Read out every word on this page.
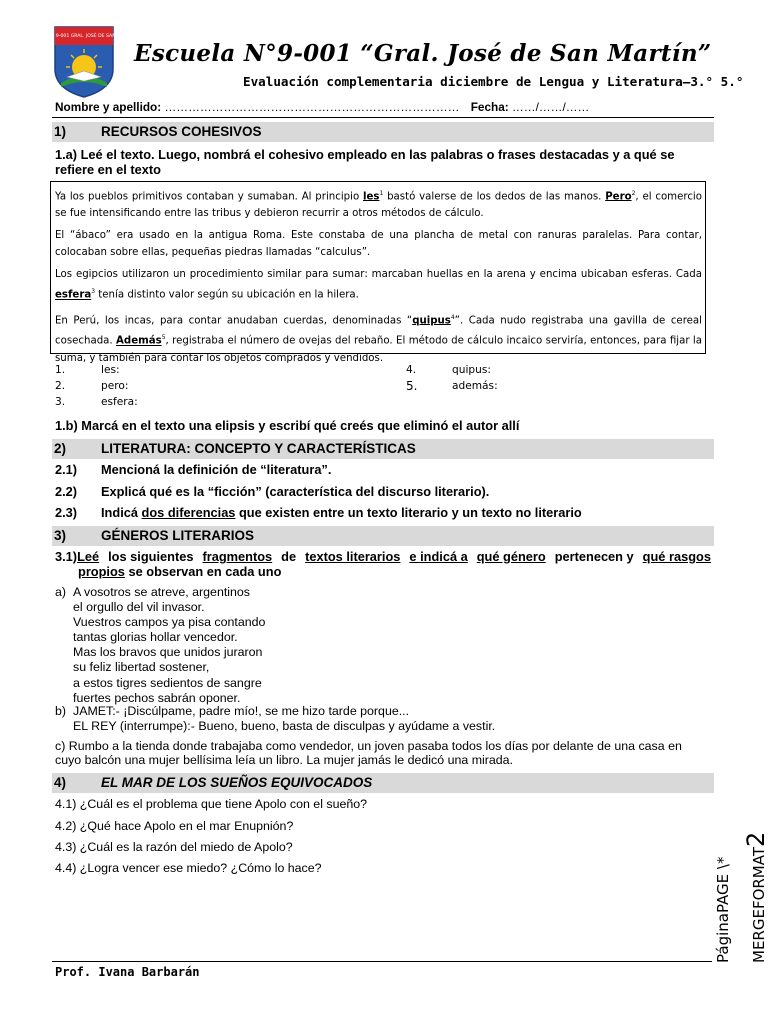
ESCUELA 9-001 GRAL. JOSÉ DE SAN MARTÍN
Escuela N°9-001 “Gral. José de San Martín”
Evaluación complementaria diciembre de Lengua y Literatura–3.° 5.°
Nombre y apellido: ………………………………………………………………… Fecha: ……/……/……
1)	RECURSOS COHESIVOS
1.a) Leé el texto. Luego, nombrá el cohesivo empleado en las palabras o frases destacadas y a qué se
refiere en el texto

Ya los pueblos primitivos contaban y sumaban. Al principio les$^1$ bastó valerse de los dedos de las manos. Pero$^2$, el comercio se fue intensificando entre las tribus y debieron recurrir a otros métodos de cálculo.

El “ábaco” era usado en la antigua Roma. Este constaba de una plancha de metal con ranuras paralelas. Para contar, colocaban sobre ellas, pequeñas piedras llamadas “calculus”.

Los egipcios utilizaron un procedimiento similar para sumar: marcaban huellas en la arena y encima ubicaban esferas. Cada esfera$^3$ tenía distinto valor según su ubicación en la hilera.

En Perú, los incas, para contar anudaban cuerdas, denominadas “quipus$^4$”. Cada nudo registraba una gavilla de cereal cosechada. Además$^5$, registraba el número de ovejas del rebaño. El método de cálculo incaico serviría, entonces, para fijar la suma, y también para contar los objetos comprados y vendidos.

1.	les:
2.	pero:
3.	esfera:
4.	quipus:
5.	además:
1.b) Marcá en el texto una elipsis y escribí qué creés que eliminó el autor allí
2)	LITERATURA: CONCEPTO Y CARACTERÍSTICAS
2.1) Mencioná la definición de “literatura”.
2.2) Explicá qué es la “ficción” (característica del discurso literario).
2.3) Indicá dos diferencias que existen entre un texto literario y un texto no literario
3)	GÉNEROS LITERARIOS
3.1)Leé los siguientes fragmentos de textos literarios e indicá a qué género pertenecen y qué rasgos
propios se observan en cada uno
a) A vosotros se atreve, argentinos
el orgullo del vil invasor.
Vuestros campos ya pisa contando
tantas glorias hollar vencedor.
Mas los bravos que unidos juraron
su feliz libertad sostener,
a estos tigres sedientos de sangre
fuertes pechos sabrán oponer.
b) JAMET:- ¡Discúlpame, padre mío!, se me hizo tarde porque...
EL REY (interrumpe):- Bueno, bueno, basta de disculpas y ayúdame a vestir.
c) Rumbo a la tienda donde trabajaba como vendedor, un joven pasaba todos los días por delante de una casa en
cuyo balcón una mujer bellísima leía un libro. La mujer jamás le dedicó una mirada.
4)	EL MAR DE LOS SUEÑOS EQUIVOCADOS
4.1) ¿Cuál es el problema que tiene Apolo con el sueño?
4.2) ¿Qué hace Apolo en el mar Enupnión?
4.3) ¿Cuál es la razón del miedo de Apolo?
4.4) ¿Logra vencer ese miedo? ¿Cómo lo hace?
Prof. Ivana Barbarán
PáginaPAGE \*	MERGEFORMAT2
